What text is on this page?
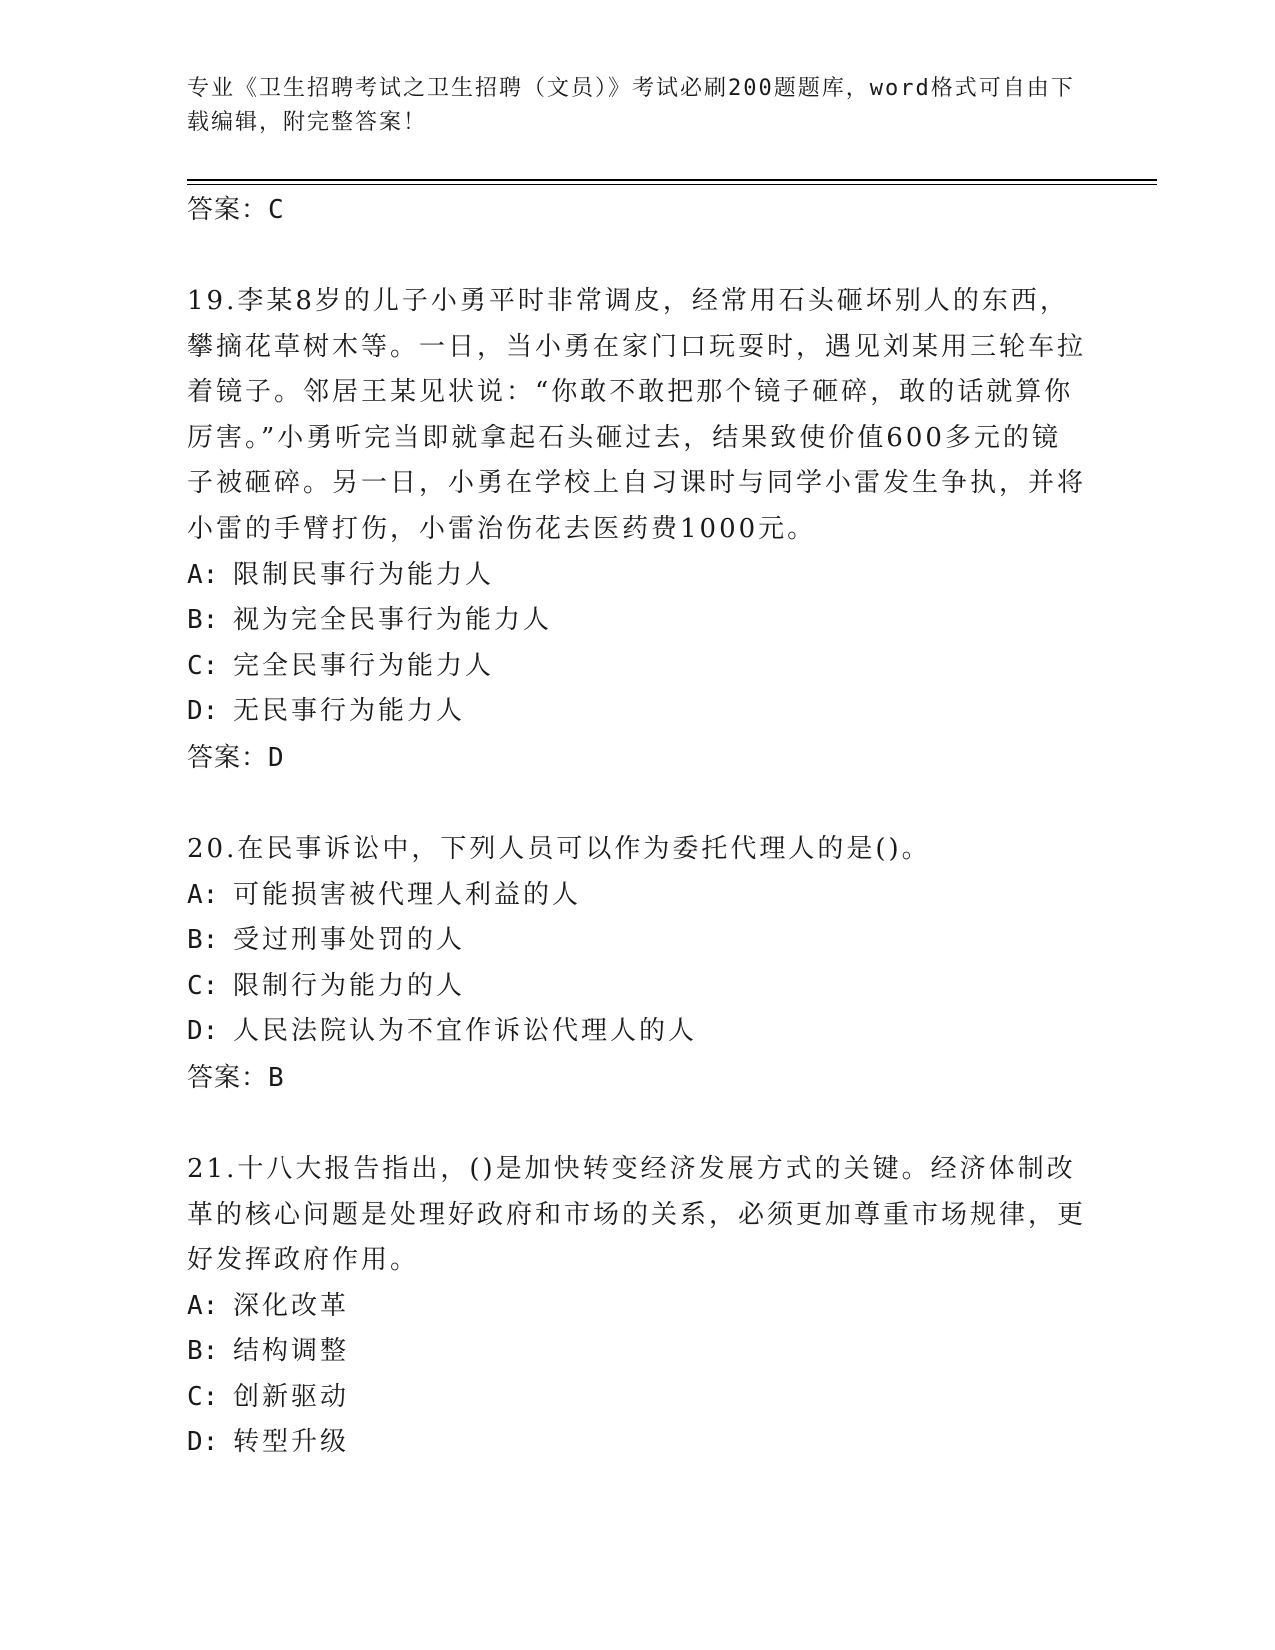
专业《卫生招聘考试之卫生招聘（文员）》考试必刷200题题库，word格式可自由下载编辑，附完整答案！
答案：C

19.李某8岁的儿子小勇平时非常调皮，经常用石头砸坏别人的东西，攀摘花草树木等。一日，当小勇在家门口玩耍时，遇见刘某用三轮车拉着镜子。邻居王某见状说：“你敢不敢把那个镜子砸碎，敢的话就算你厉害。”小勇听完当即就拿起石头砸过去，结果致使价值600多元的镜子被砸碎。另一日，小勇在学校上自习课时与同学小雷发生争执，并将小雷的手臂打伤，小雷治伤花去医药费1000元。

A: 限制民事行为能力人
B: 视为完全民事行为能力人
C: 完全民事行为能力人
D: 无民事行为能力人
答案：D

20.在民事诉讼中，下列人员可以作为委托代理人的是()。

A: 可能损害被代理人利益的人
B: 受过刑事处罚的人
C: 限制行为能力的人
D: 人民法院认为不宜作诉讼代理人的人
答案：B

21.十八大报告指出，()是加快转变经济发展方式的关键。经济体制改革的核心问题是处理好政府和市场的关系，必须更加尊重市场规律，更好发挥政府作用。

A: 深化改革
B: 结构调整
C: 创新驱动
D: 转型升级
